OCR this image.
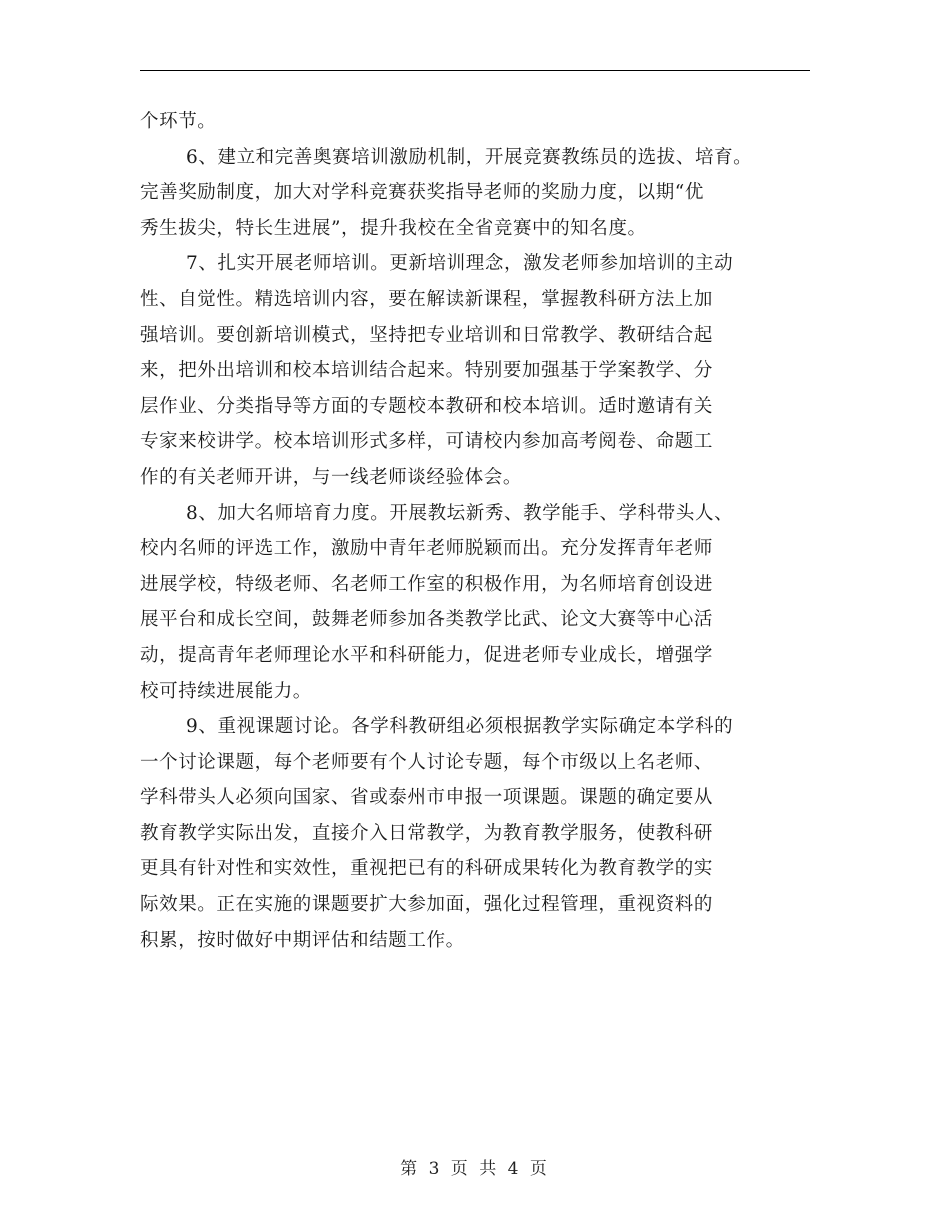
个环节。
6、建立和完善奥赛培训激励机制，开展竞赛教练员的选拔、培育。
完善奖励制度，加大对学科竞赛获奖指导老师的奖励力度，以期“优
秀生拔尖，特长生进展”，提升我校在全省竞赛中的知名度。
7、扎实开展老师培训。更新培训理念，激发老师参加培训的主动
性、自觉性。精选培训内容，要在解读新课程，掌握教科研方法上加
强培训。要创新培训模式，坚持把专业培训和日常教学、教研结合起
来，把外出培训和校本培训结合起来。特别要加强基于学案教学、分
层作业、分类指导等方面的专题校本教研和校本培训。适时邀请有关
专家来校讲学。校本培训形式多样，可请校内参加高考阅卷、命题工
作的有关老师开讲，与一线老师谈经验体会。
8、加大名师培育力度。开展教坛新秀、教学能手、学科带头人、
校内名师的评选工作，激励中青年老师脱颖而出。充分发挥青年老师
进展学校，特级老师、名老师工作室的积极作用，为名师培育创设进
展平台和成长空间，鼓舞老师参加各类教学比武、论文大赛等中心活
动，提高青年老师理论水平和科研能力，促进老师专业成长，增强学
校可持续进展能力。
9、重视课题讨论。各学科教研组必须根据教学实际确定本学科的
一个讨论课题，每个老师要有个人讨论专题，每个市级以上名老师、
学科带头人必须向国家、省或泰州市申报一项课题。课题的确定要从
教育教学实际出发，直接介入日常教学，为教育教学服务，使教科研
更具有针对性和实效性，重视把已有的科研成果转化为教育教学的实
际效果。正在实施的课题要扩大参加面，强化过程管理，重视资料的
积累，按时做好中期评估和结题工作。
第 3 页 共 4 页
